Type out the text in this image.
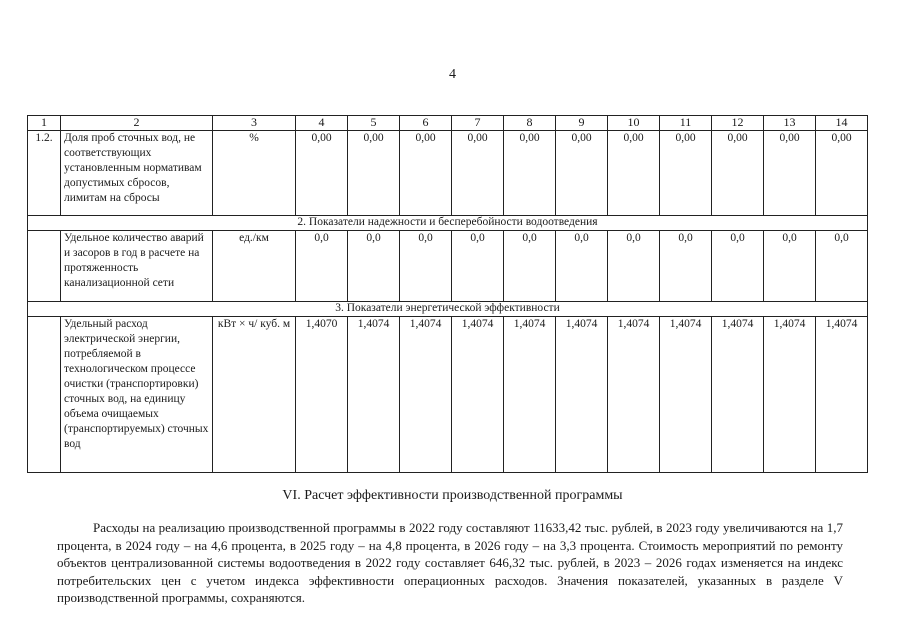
4
1	2	3	4	5	6	7	8	9	10	11	12	13	14
1.2.	Доля проб сточных вод, не соответствующих установленным нормативам допустимых сбросов, лимитам на сбросы	%	0,00	0,00	0,00	0,00	0,00	0,00	0,00	0,00	0,00	0,00	0,00
2. Показатели надежности и бесперебойности водоотведения													
	Удельное количество аварий и засоров в год в расчете на протяженность канализационной сети	ед./км	0,0	0,0	0,0	0,0	0,0	0,0	0,0	0,0	0,0	0,0	0,0
3. Показатели энергетической эффективности													
	Удельный расход электрической энергии, потребляемой в технологическом процессе очистки (транспортировки) сточных вод, на единицу объема очищаемых (транспортируемых) сточных вод	кВт × ч/ куб. м	1,4070	1,4074	1,4074	1,4074	1,4074	1,4074	1,4074	1,4074	1,4074	1,4074	1,4074
VI. Расчет эффективности производственной программы

Расходы на реализацию производственной программы в 2022 году составляют 11633,42 тыс. рублей, в 2023 году увеличиваются на 1,7 процента, в 2024 году – на 4,6 процента, в 2025 году – на 4,8 процента, в 2026 году – на 3,3 процента. Стоимость мероприятий по ремонту объектов централизованной системы водоотведения в 2022 году составляет 646,32 тыс. рублей, в 2023 – 2026 годах изменяется на индекс потребительских цен с учетом индекса эффективности операционных расходов. Значения показателей, указанных в разделе V производственной программы, сохраняются.
